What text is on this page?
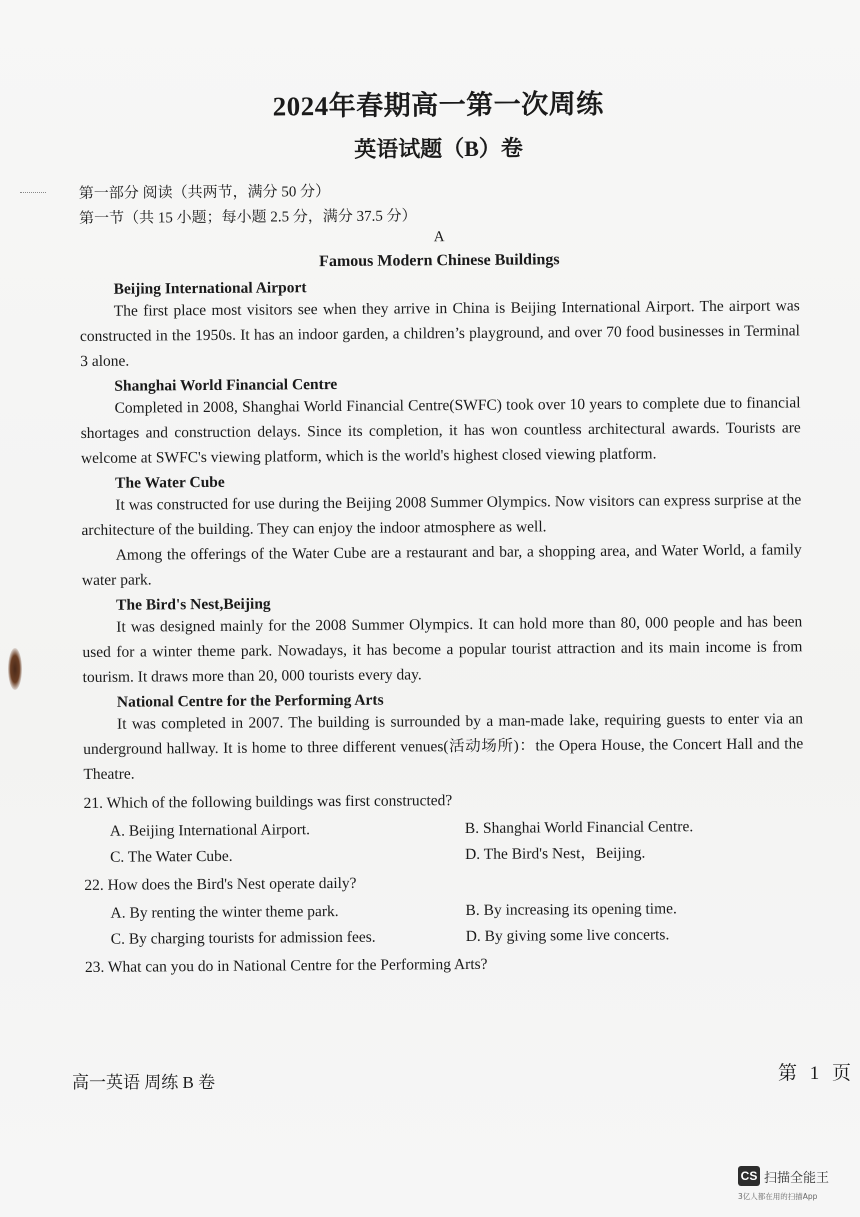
2024年春期高一第一次周练
英语试题（B）卷
第一部分 阅读（共两节，满分 50 分）
第一节（共 15 小题；每小题 2.5 分，满分 37.5 分）
A
Famous Modern Chinese Buildings
Beijing International Airport

The first place most visitors see when they arrive in China is Beijing International Airport. The airport was constructed in the 1950s. It has an indoor garden, a children’s playground, and over 70 food businesses in Terminal 3 alone.

Shanghai World Financial Centre

Completed in 2008, Shanghai World Financial Centre(SWFC) took over 10 years to complete due to financial shortages and construction delays. Since its completion, it has won countless architectural awards. Tourists are welcome at SWFC's viewing platform, which is the world's highest closed viewing platform.

The Water Cube

It was constructed for use during the Beijing 2008 Summer Olympics. Now visitors can express surprise at the architecture of the building. They can enjoy the indoor atmosphere as well.

Among the offerings of the Water Cube are a restaurant and bar, a shopping area, and Water World, a family water park.

The Bird's Nest,Beijing

It was designed mainly for the 2008 Summer Olympics. It can hold more than 80, 000 people and has been used for a winter theme park. Nowadays, it has become a popular tourist attraction and its main income is from tourism. It draws more than 20, 000 tourists every day.

National Centre for the Performing Arts

It was completed in 2007. The building is surrounded by a man-made lake, requiring guests to enter via an underground hallway. It is home to three different venues(活动场所)：the Opera House, the Concert Hall and the Theatre.

21. Which of the following buildings was first constructed?
A. Beijing International Airport.	B. Shanghai World Financial Centre.
C. The Water Cube.	D. The Bird's Nest，Beijing.
22. How does the Bird's Nest operate daily?
A. By renting the winter theme park.	B. By increasing its opening time.
C. By charging tourists for admission fees.	D. By giving some live concerts.
23. What can you do in National Centre for the Performing Arts?
高一英语 周练 B 卷	第 1 页
CS 扫描全能王
3亿人都在用的扫描App
